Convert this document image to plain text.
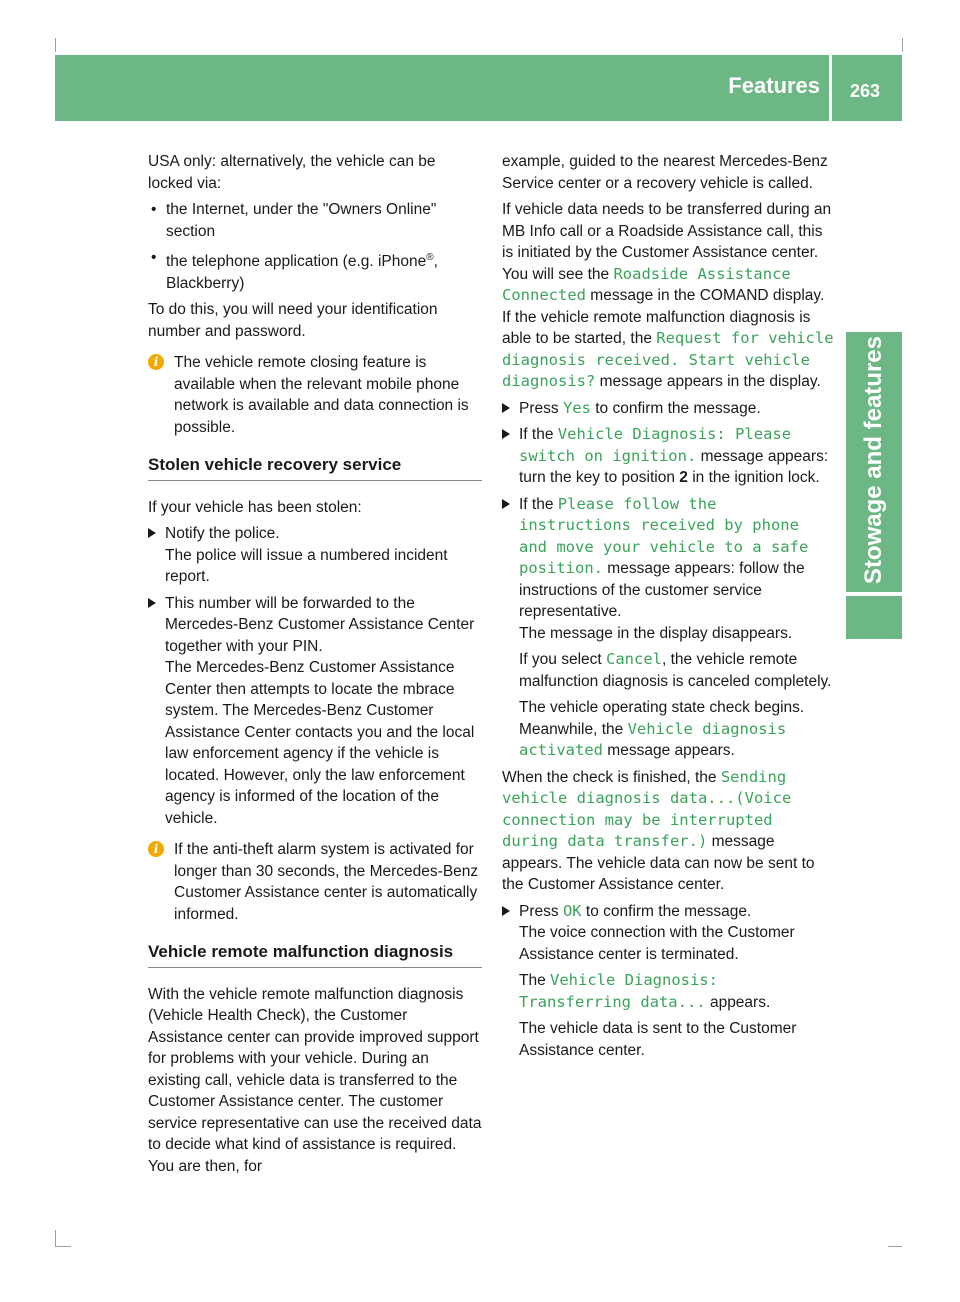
Features 263
Stowage and features

USA only: alternatively, the vehicle can be locked via:

• the Internet, under the "Owners Online" section

• the telephone application (e.g. iPhone®, Blackberry)

To do this, you will need your identification number and password.

i	The vehicle remote closing feature is available when the relevant mobile phone network is available and data connection is possible.
Stolen vehicle recovery service

If your vehicle has been stolen:

Notify the police.
The police will issue a numbered incident report.
This number will be forwarded to the Mercedes-Benz Customer Assistance Center together with your PIN.
The Mercedes-Benz Customer Assistance Center then attempts to locate the mbrace system. The Mercedes-Benz Customer Assistance Center contacts you and the local law enforcement agency if the vehicle is located. However, only the law enforcement agency is informed of the location of the vehicle.
i	If the anti-theft alarm system is activated for longer than 30 seconds, the Mercedes-Benz Customer Assistance center is automatically informed.
Vehicle remote malfunction diagnosis

With the vehicle remote malfunction diagnosis (Vehicle Health Check), the Customer Assistance center can provide improved support for problems with your vehicle. During an existing call, vehicle data is transferred to the Customer Assistance center. The customer service representative can use the received data to decide what kind of assistance is required. You are then, for

example, guided to the nearest Mercedes-Benz Service center or a recovery vehicle is called.

If vehicle data needs to be transferred during an MB Info call or a Roadside Assistance call, this is initiated by the Customer Assistance center. You will see the Roadside Assistance Connected message in the COMAND display. If the vehicle remote malfunction diagnosis is able to be started, the Request for vehicle diagnosis received. Start vehicle diagnosis? message appears in the display.

Press Yes to confirm the message.
If the Vehicle Diagnosis: Please switch on ignition. message appears: turn the key to position 2 in the ignition lock.
If the Please follow the instructions received by phone and move your vehicle to a safe position. message appears: follow the instructions of the customer service representative.
The message in the display disappears.

If you select Cancel, the vehicle remote malfunction diagnosis is canceled completely.

The vehicle operating state check begins.
Meanwhile, the Vehicle diagnosis activated message appears.

When the check is finished, the Sending vehicle diagnosis data...(Voice connection may be interrupted during data transfer.) message appears. The vehicle data can now be sent to the Customer Assistance center.

Press OK to confirm the message.
The voice connection with the Customer Assistance center is terminated.

The Vehicle Diagnosis: Transferring data... appears.

The vehicle data is sent to the Customer Assistance center.
